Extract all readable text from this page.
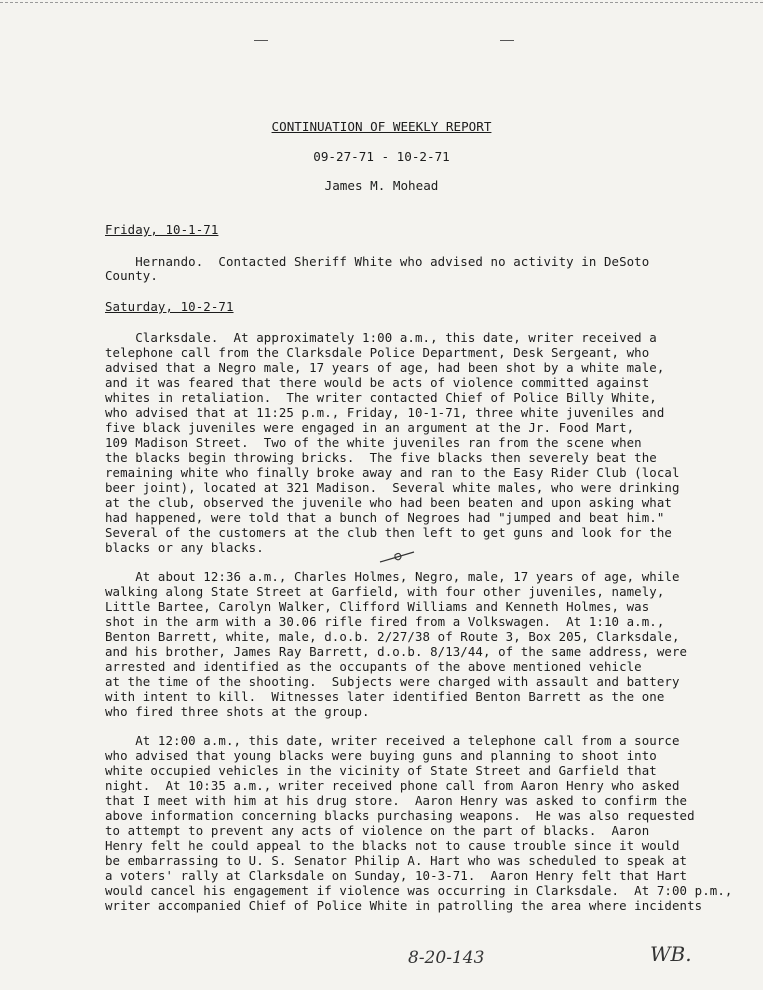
CONTINUATION OF WEEKLY REPORT
09-27-71 - 10-2-71
James M. Mohead
Friday, 10-1-71
Hernando.  Contacted Sheriff White who advised no activity in DeSoto
County.
Saturday, 10-2-71
Clarksdale.  At approximately 1:00 a.m., this date, writer received a
telephone call from the Clarksdale Police Department, Desk Sergeant, who
advised that a Negro male, 17 years of age, had been shot by a white male,
and it was feared that there would be acts of violence committed against
whites in retaliation.  The writer contacted Chief of Police Billy White,
who advised that at 11:25 p.m., Friday, 10-1-71, three white juveniles and
five black juveniles were engaged in an argument at the Jr. Food Mart,
109 Madison Street.  Two of the white juveniles ran from the scene when
the blacks begin throwing bricks.  The five blacks then severely beat the
remaining white who finally broke away and ran to the Easy Rider Club (local
beer joint), located at 321 Madison.  Several white males, who were drinking
at the club, observed the juvenile who had been beaten and upon asking what
had happened, were told that a bunch of Negroes had "jumped and beat him."
Several of the customers at the club then left to get guns and look for the
blacks or any blacks.
At about 12:36 a.m., Charles Holmes, Negro, male, 17 years of age, while
walking along State Street at Garfield, with four other juveniles, namely,
Little Bartee, Carolyn Walker, Clifford Williams and Kenneth Holmes, was
shot in the arm with a 30.06 rifle fired from a Volkswagen.  At 1:10 a.m.,
Benton Barrett, white, male, d.o.b. 2/27/38 of Route 3, Box 205, Clarksdale,
and his brother, James Ray Barrett, d.o.b. 8/13/44, of the same address, were
arrested and identified as the occupants of the above mentioned vehicle
at the time of the shooting.  Subjects were charged with assault and battery
with intent to kill.  Witnesses later identified Benton Barrett as the one
who fired three shots at the group.
At 12:00 a.m., this date, writer received a telephone call from a source
who advised that young blacks were buying guns and planning to shoot into
white occupied vehicles in the vicinity of State Street and Garfield that
night.  At 10:35 a.m., writer received phone call from Aaron Henry who asked
that I meet with him at his drug store.  Aaron Henry was asked to confirm the
above information concerning blacks purchasing weapons.  He was also requested
to attempt to prevent any acts of violence on the part of blacks.  Aaron
Henry felt he could appeal to the blacks not to cause trouble since it would
be embarrassing to U. S. Senator Philip A. Hart who was scheduled to speak at
a voters' rally at Clarksdale on Sunday, 10-3-71.  Aaron Henry felt that Hart
would cancel his engagement if violence was occurring in Clarksdale.  At 7:00 p.m.,
writer accompanied Chief of Police White in patrolling the area where incidents
8-20-143	WB.
